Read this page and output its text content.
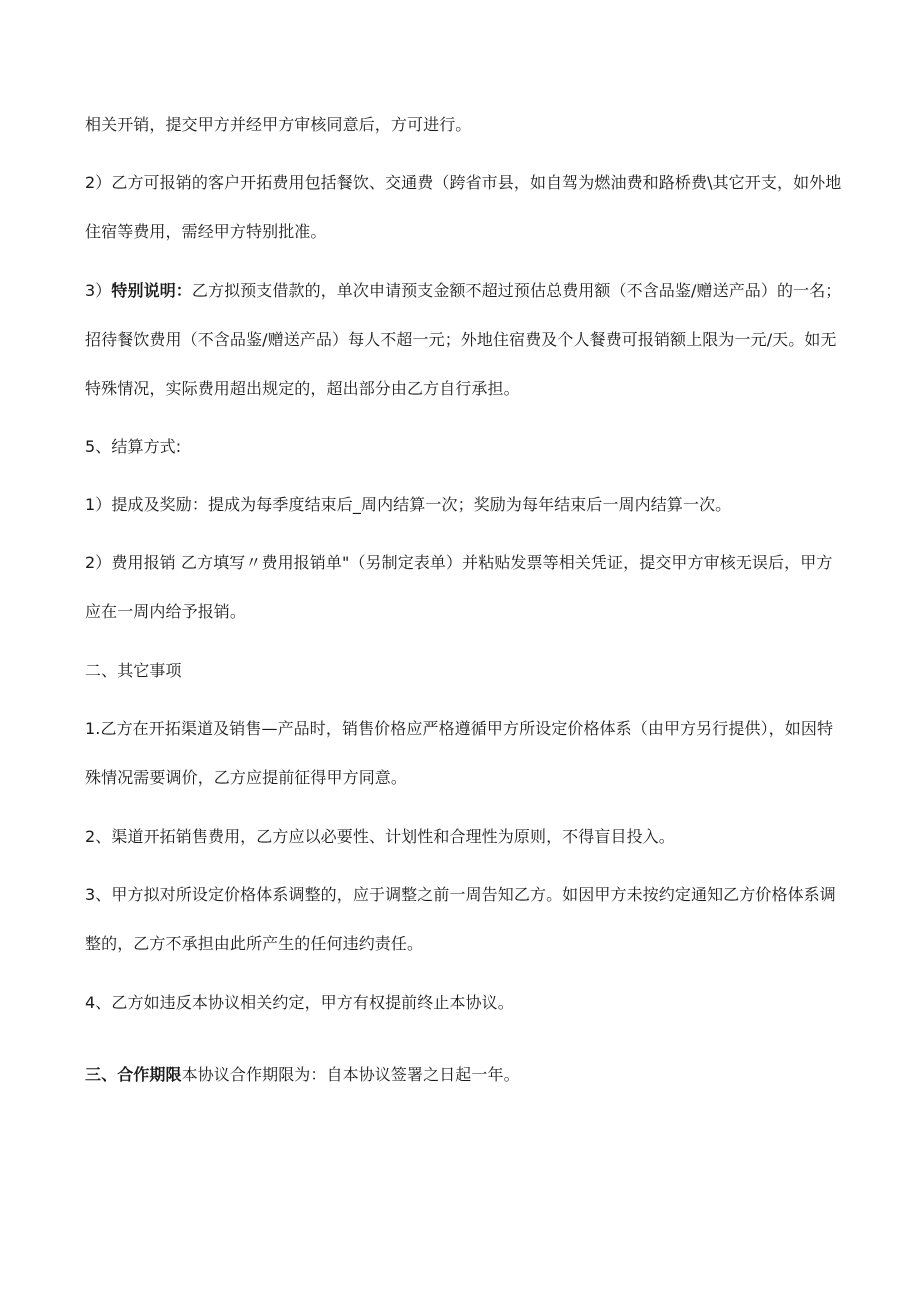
相关开销，提交甲方并经甲方审核同意后，方可进行。

2）乙方可报销的客户开拓费用包括餐饮、交通费（跨省市县，如自驾为燃油费和路桥费\其它开支，如外地住宿等费用，需经甲方特别批准。

3）特别说明：乙方拟预支借款的，单次申请预支金额不超过预估总费用额（不含品鉴/赠送产品）的一名；招待餐饮费用（不含品鉴/赠送产品）每人不超一元；外地住宿费及个人餐费可报销额上限为一元/天。如无特殊情况，实际费用超出规定的，超出部分由乙方自行承担。

5、结算方式:

1）提成及奖励：提成为每季度结束后_周内结算一次；奖励为每年结束后一周内结算一次。

2）费用报销 乙方填写〃费用报销单"（另制定表单）并粘贴发票等相关凭证，提交甲方审核无误后，甲方应在一周内给予报销。

二、其它事项

1.乙方在开拓渠道及销售—产品时，销售价格应严格遵循甲方所设定价格体系（由甲方另行提供），如因特殊情况需要调价，乙方应提前征得甲方同意。

2、渠道开拓销售费用，乙方应以必要性、计划性和合理性为原则，不得盲目投入。

3、甲方拟对所设定价格体系调整的，应于调整之前一周告知乙方。如因甲方未按约定通知乙方价格体系调整的，乙方不承担由此所产生的任何违约责任。

4、乙方如违反本协议相关约定，甲方有权提前终止本协议。

三、合作期限本协议合作期限为：自本协议签署之日起一年。
